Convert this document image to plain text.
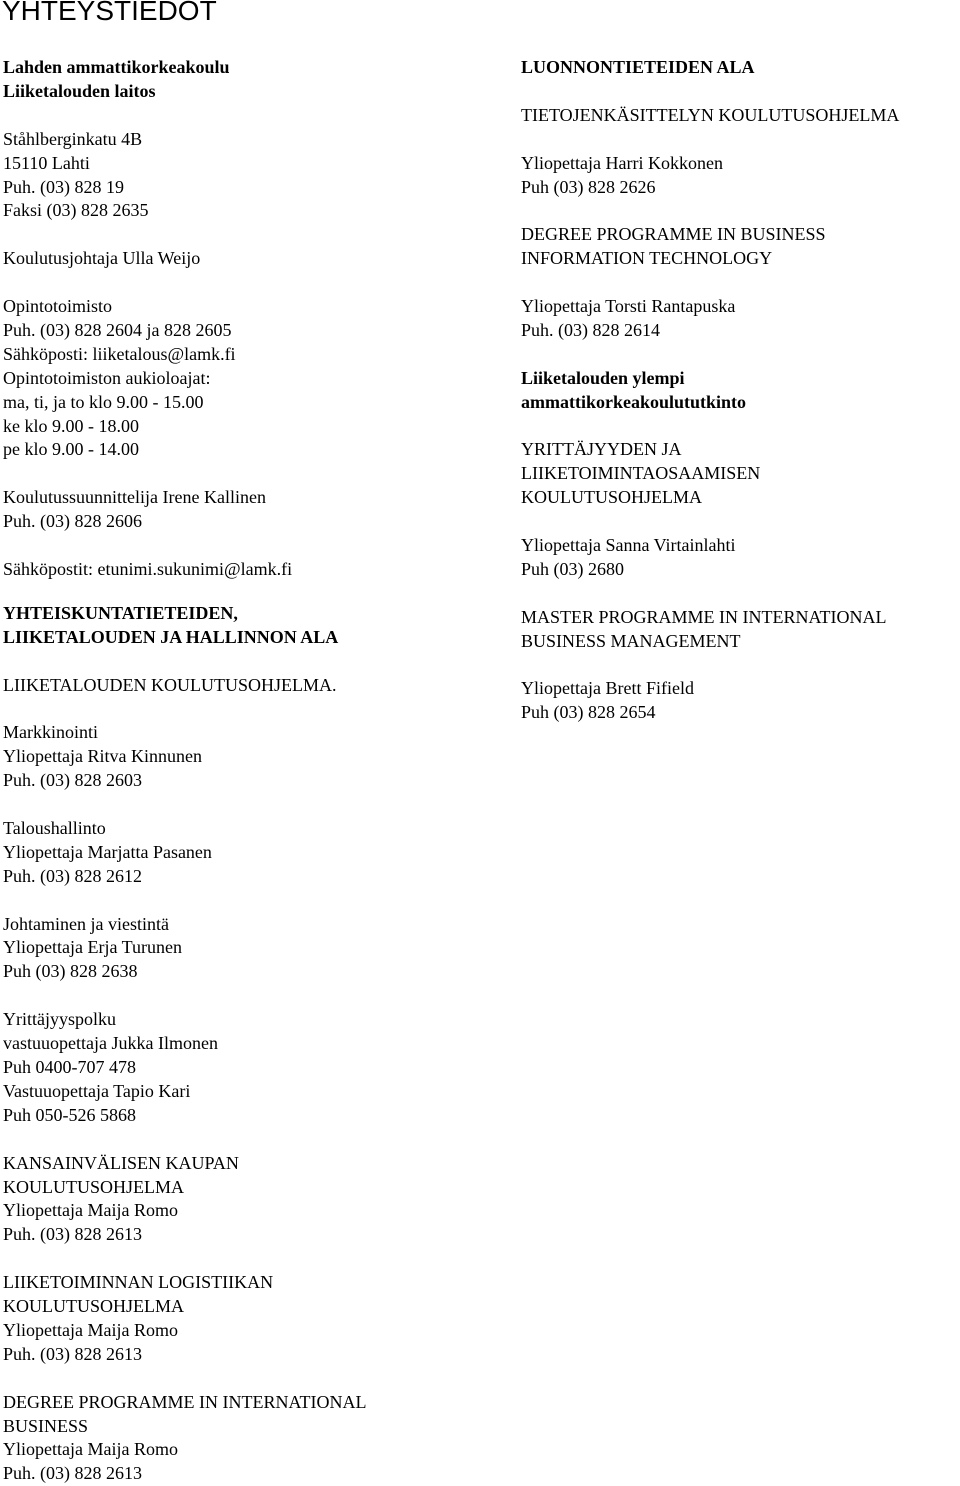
YHTEYSTIEDOT
Lahden ammattikorkeakoulu
Liiketalouden laitos
Ståhlberginkatu 4B
15110 Lahti
Puh. (03) 828 19
Faksi (03) 828 2635
Koulutusjohtaja Ulla Weijo
Opintotoimisto
Puh. (03) 828 2604 ja 828 2605
Sähköposti: liiketalous@lamk.fi
Opintotoimiston aukioloajat:
ma, ti, ja to klo 9.00 - 15.00
ke klo 9.00 - 18.00
pe klo 9.00 - 14.00
Koulutussuunnittelija Irene Kallinen
Puh. (03) 828 2606
Sähköpostit: etunimi.sukunimi@lamk.fi
YHTEISKUNTATIETEIDEN,
LIIKETALOUDEN JA HALLINNON ALA
LIIKETALOUDEN KOULUTUSOHJELMA.
Markkinointi
Yliopettaja Ritva Kinnunen
Puh. (03) 828 2603
Taloushallinto
Yliopettaja Marjatta Pasanen
Puh. (03) 828 2612
Johtaminen ja viestintä
Yliopettaja Erja Turunen
Puh (03) 828 2638
Yrittäjyyspolku
vastuuopettaja Jukka Ilmonen
Puh 0400-707 478
Vastuuopettaja Tapio Kari
Puh 050-526 5868
KANSAINVÄLISEN KAUPAN
KOULUTUSOHJELMA
Yliopettaja Maija Romo
Puh. (03) 828 2613
LIIKETOIMINNAN LOGISTIIKAN
KOULUTUSOHJELMA
Yliopettaja Maija Romo
Puh. (03) 828 2613
DEGREE PROGRAMME IN INTERNATIONAL
BUSINESS
Yliopettaja Maija Romo
Puh. (03) 828 2613
LUONNONTIETEIDEN ALA
TIETOJENKÄSITTELYN KOULUTUSOHJELMA
Yliopettaja Harri Kokkonen
Puh (03) 828 2626
DEGREE PROGRAMME IN BUSINESS
INFORMATION TECHNOLOGY
Yliopettaja Torsti Rantapuska
Puh. (03) 828 2614
Liiketalouden ylempi
ammattikorkeakoulututkinto
YRITTÄJYYDEN JA
LIIKETOIMINTAOSAAMISEN
KOULUTUSOHJELMA
Yliopettaja Sanna Virtainlahti
Puh (03) 2680
MASTER PROGRAMME IN INTERNATIONAL
BUSINESS MANAGEMENT
Yliopettaja Brett Fifield
Puh (03) 828 2654
